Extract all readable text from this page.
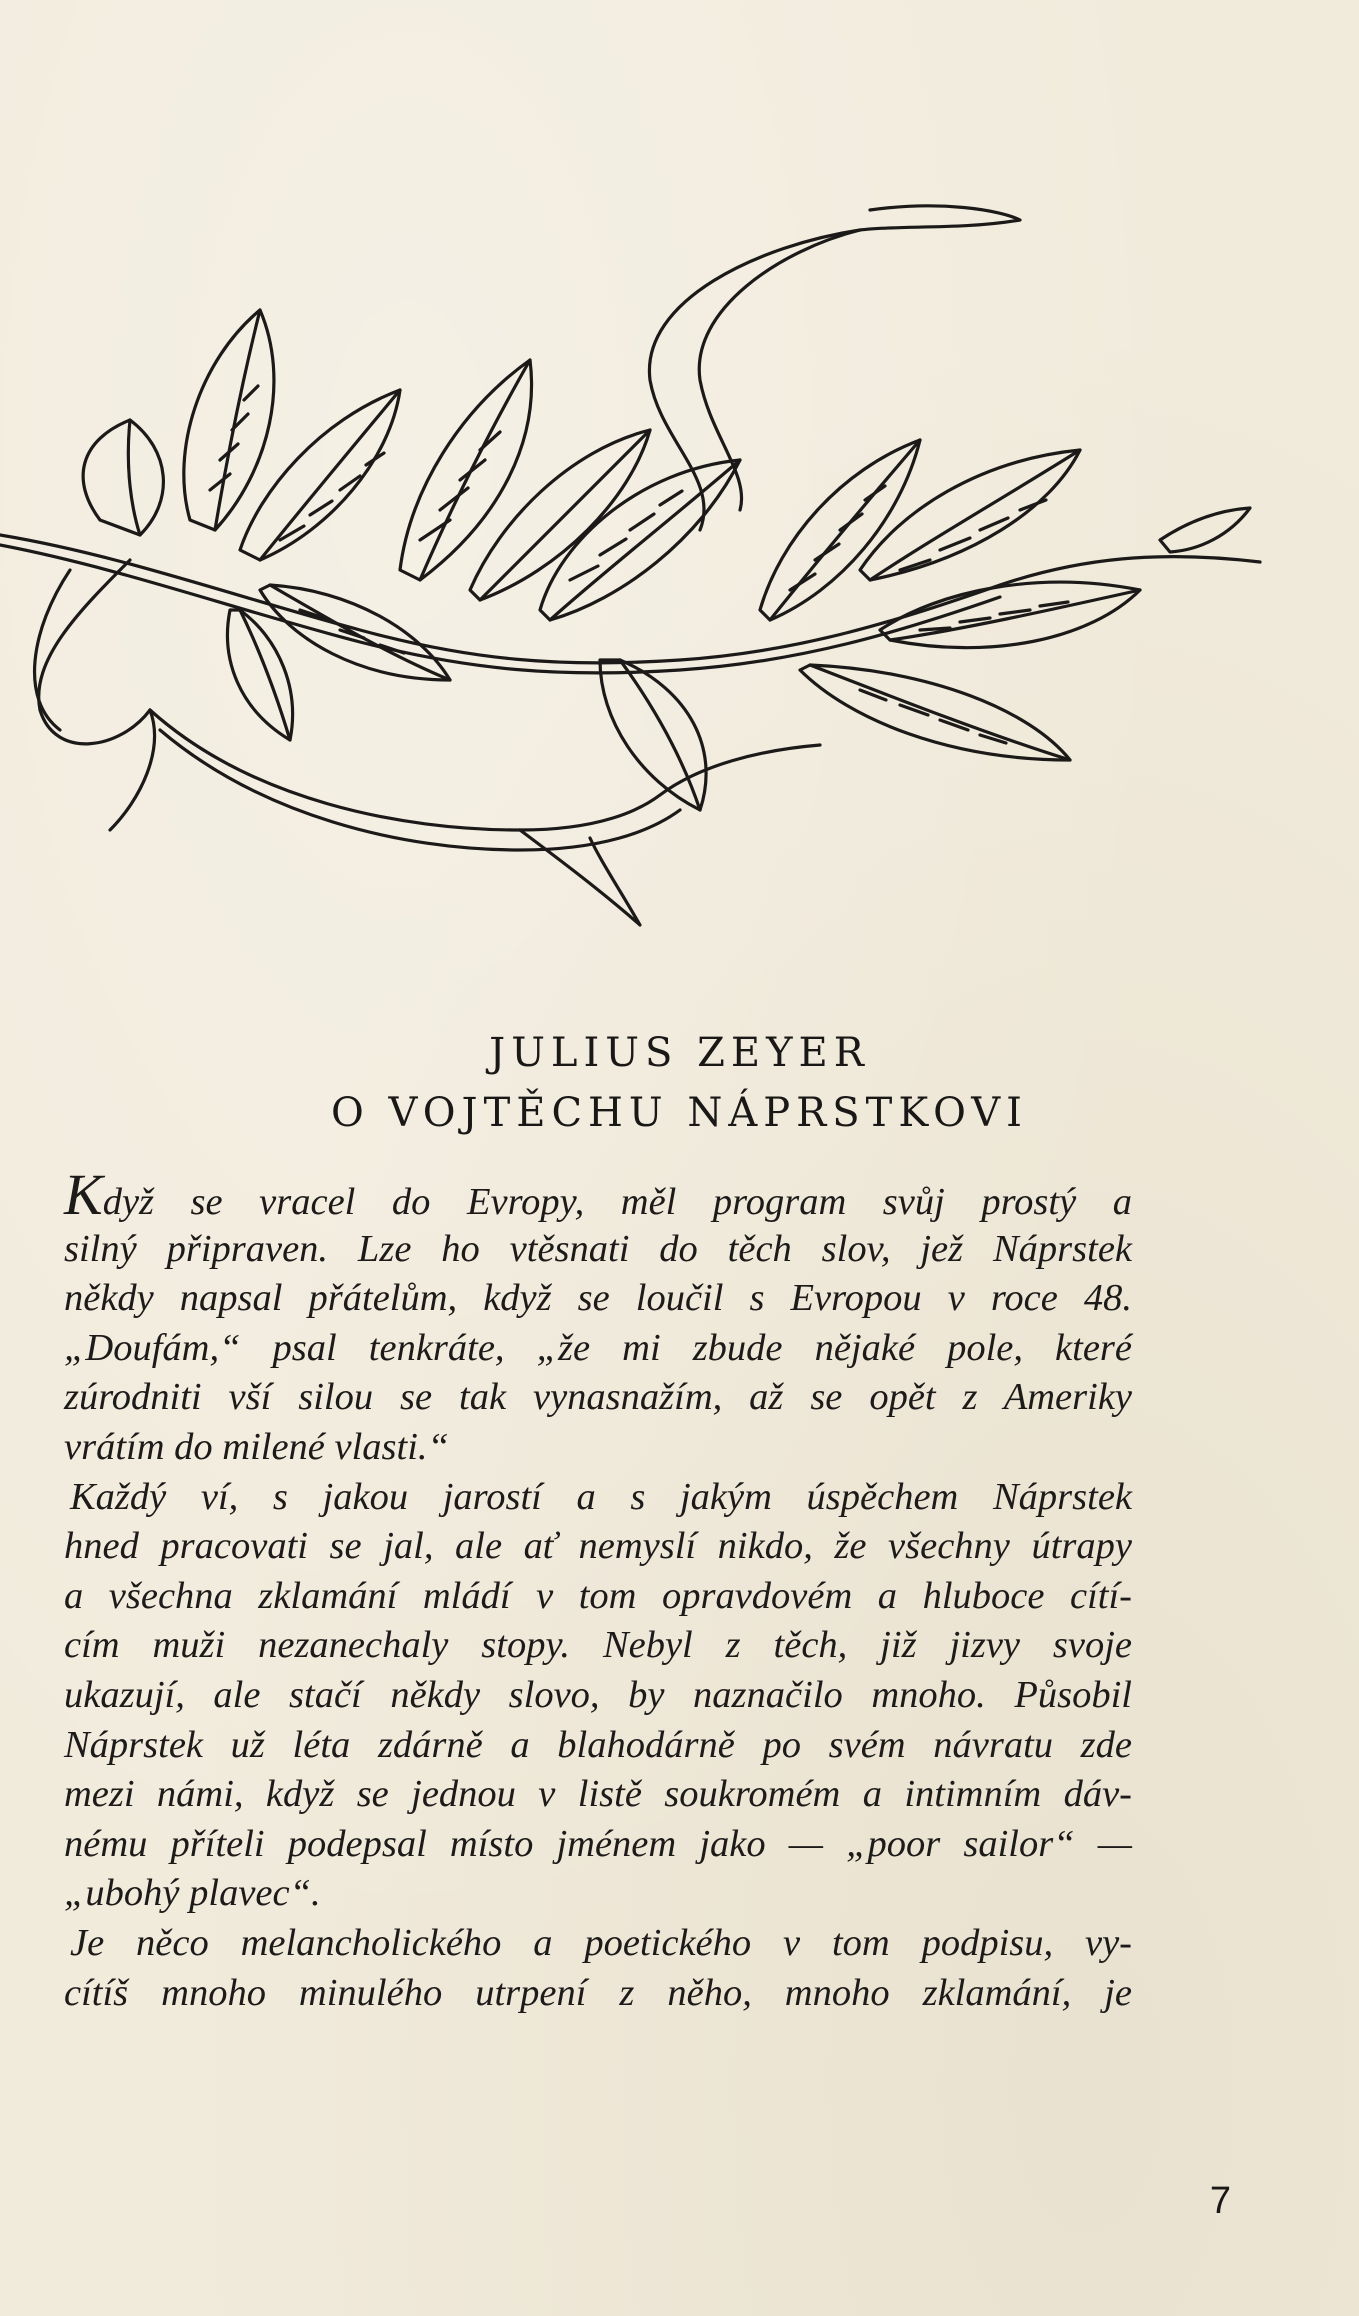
JULIUS ZEYER
O VOJTĚCHU NÁPRSTKOVI
Když se vracel do Evropy, měl program svůj prostý a
silný připraven. Lze ho vtěsnati do těch slov, jež Náprstek
někdy napsal přátelům, když se loučil s Evropou v roce 48.
„Doufám,“ psal tenkráte, „že mi zbude nějaké pole, které
zúrodniti vší silou se tak vynasnažím, až se opět z Ameriky
vrátím do milené vlasti.“
Každý ví, s jakou jarostí a s jakým úspěchem Náprstek
hned pracovati se jal, ale ať nemyslí nikdo, že všechny útrapy
a všechna zklamání mládí v tom opravdovém a hluboce cítí-
cím muži nezanechaly stopy. Nebyl z těch, již jizvy svoje
ukazují, ale stačí někdy slovo, by naznačilo mnoho. Působil
Náprstek už léta zdárně a blahodárně po svém návratu zde
mezi námi, když se jednou v listě soukromém a intimním dáv-
nému příteli podepsal místo jménem jako — „poor sailor“ —
„ubohý plavec“.
Je něco melancholického a poetického v tom podpisu, vy-
cítíš mnoho minulého utrpení z něho, mnoho zklamání, je
7
